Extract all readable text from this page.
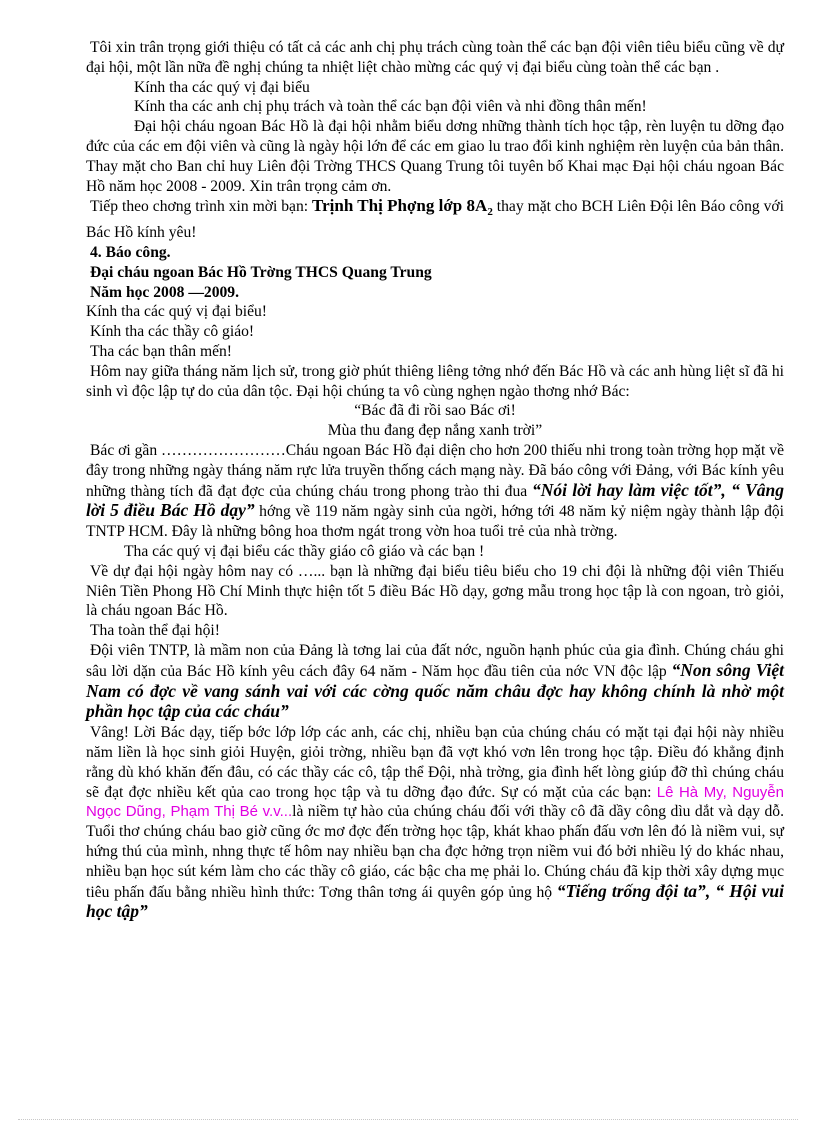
Tôi xin trân trọng giới thiệu có tất cả các anh chị phụ trách cùng toàn thể các bạn đội viên tiêu biểu cũng về dự đại hội, một lần nữa đề nghị chúng ta nhiệt liệt chào mừng các quý vị đại biểu cùng toàn thể các bạn .

Kính tha các quý vị đại biểu

Kính tha các anh chị phụ trách và toàn thể các bạn đội viên và nhi đồng thân mến!

Đại hội cháu ngoan Bác Hồ là đại hội nhằm biểu dơng những thành tích học tập, rèn luyện tu dỡng đạo đức của các em đội viên và cũng là ngày hội lớn để các em giao lu trao đổi kinh nghiệm rèn luyện của bản thân. Thay mặt cho Ban chỉ huy Liên đội Trờng THCS Quang Trung tôi tuyên bố Khai mạc Đại hội cháu ngoan Bác Hồ năm học 2008 - 2009. Xin trân trọng cảm ơn.

Tiếp theo chơng trình xin mời bạn: Trịnh Thị Phợng lớp $8A_2$ thay mặt cho BCH Liên Đội lên Báo công với Bác Hồ kính yêu!

4. Báo công.

Đại cháu ngoan Bác Hồ Trờng THCS Quang Trung

Năm học 2008 —2009.

Kính tha các quý vị đại biểu!

Kính tha các thầy cô giáo!

Tha các bạn thân mến!

Hôm nay giữa tháng năm lịch sử, trong giờ phút thiêng liêng tởng nhớ đến Bác Hồ và các anh hùng liệt sĩ đã hi sinh vì độc lập tự do của dân tộc. Đại hội chúng ta vô cùng nghẹn ngào thơng nhớ Bác:

“Bác đã đi rồi sao Bác ơi!

Mùa thu đang đẹp nắng xanh trời”

Bác ơi gần ……………………Cháu ngoan Bác Hồ đại diện cho hơn 200 thiếu nhi trong toàn trờng họp mặt về đây trong những ngày tháng năm rực lửa truyền thống cách mạng này. Đã báo công với Đảng, với Bác kính yêu những thàng tích đã đạt đợc của chúng cháu trong phong trào thi đua “Nói lời hay làm việc tốt”, “ Vâng lời 5 điều Bác Hồ dạy” hớng về 119 năm ngày sinh của ngời, hớng tới 48 năm kỷ niệm ngày thành lập đội TNTP HCM. Đây là những bông hoa thơm ngát trong vờn hoa tuổi trẻ của nhà trờng.

Tha các quý vị đại biểu các thầy giáo cô giáo và các bạn !

Về dự đại hội ngày hôm nay có …... bạn là những đại biểu tiêu biểu cho 19 chi đội là những đội viên Thiếu Niên Tiền Phong Hồ Chí Minh thực hiện tốt 5 điều Bác Hồ dạy, gơng mẫu trong học tập là con ngoan, trò giỏi, là cháu ngoan Bác Hồ.

Tha toàn thể đại hội!

Đội viên TNTP, là mầm non của Đảng là tơng lai của đất nớc, nguồn hạnh phúc của gia đình. Chúng cháu ghi sâu lời dặn của Bác Hồ kính yêu cách đây 64 năm - Năm học đầu tiên của nớc VN độc lập “Non sông Việt Nam có đợc về vang sánh vai với các cờng quốc năm châu đợc hay không chính là nhờ một phần học tập của các cháu”

Vâng! Lời Bác dạy, tiếp bớc lớp lớp các anh, các chị, nhiều bạn của chúng cháu có mặt tại đại hội này nhiều năm liền là học sinh giỏi Huyện, giỏi trờng, nhiều bạn đã vợt khó vơn lên trong học tập. Điều đó khẳng định rằng dù khó khăn đến đâu, có các thầy các cô, tập thể Đội, nhà trờng, gia đình hết lòng giúp đỡ thì chúng cháu sẽ đạt đợc nhiều kết qủa cao trong học tập và tu dỡng đạo đức. Sự có mặt của các bạn: Lê Hà My, Nguyễn Ngọc Dũng, Phạm Thị Bé v.v...là niềm tự hào của chúng cháu đối với thầy cô đã dầy công dìu dắt và dạy dỗ. Tuổi thơ chúng cháu bao giờ cũng ớc mơ đợc đến trờng học tập, khát khao phấn đấu vơn lên đó là niềm vui, sự hứng thú của mình, nhng thực tế hôm nay nhiều bạn cha đợc hởng trọn niềm vui đó bởi nhiều lý do khác nhau, nhiều bạn học sút kém làm cho các thầy cô giáo, các bậc cha mẹ phải lo. Chúng cháu đã kịp thời xây dựng mục tiêu phấn đấu bằng nhiều hình thức: Tơng thân tơng ái quyên góp ủng hộ “Tiếng trống đội ta”, “ Hội vui học tập”
